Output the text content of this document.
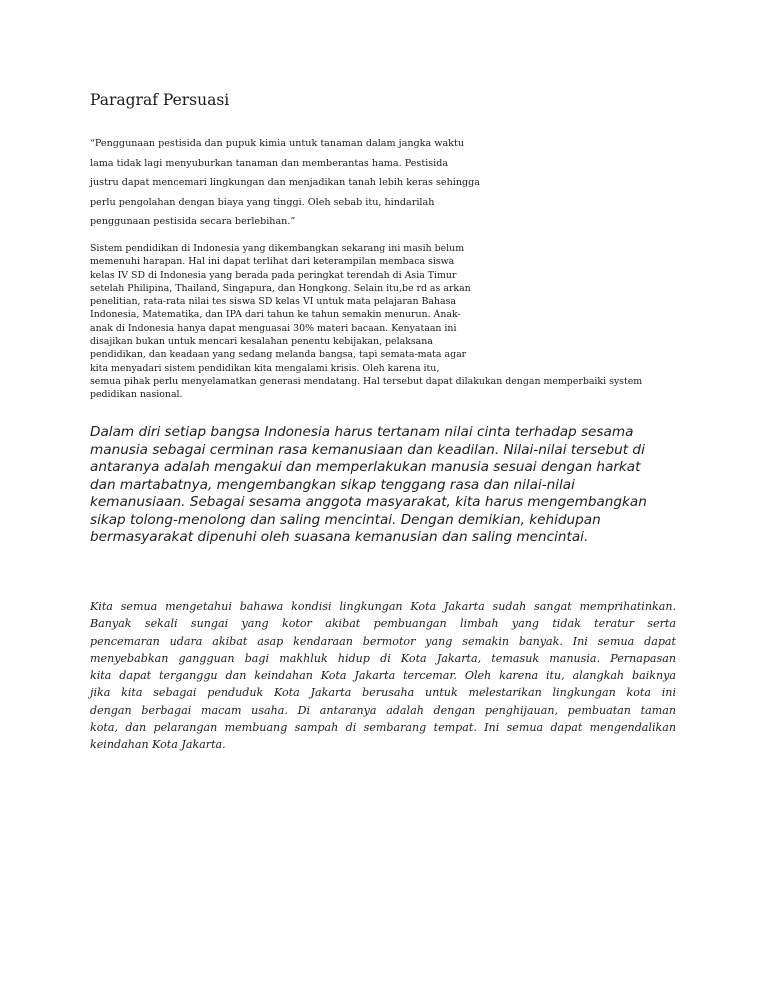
Paragraf Persuasi
“Penggunaan pestisida dan pupuk kimia untuk tanaman dalam jangka waktu
lama tidak lagi menyuburkan tanaman dan memberantas hama. Pestisida
justru dapat mencemari lingkungan dan menjadikan tanah lebih keras sehingga
perlu pengolahan dengan biaya yang tinggi. Oleh sebab itu, hindarilah
penggunaan pestisida secara berlebihan.”
Sistem pendidikan di Indonesia yang dikembangkan sekarang ini masih belum
memenuhi harapan. Hal ini dapat terlihat dari keterampilan membaca siswa
kelas IV SD di Indonesia yang berada pada peringkat terendah di Asia Timur
setelah Philipina, Thailand, Singapura, dan Hongkong. Selain itu,be rd as arkan
penelitian, rata-rata nilai tes siswa SD kelas VI untuk mata pelajaran Bahasa
Indonesia, Matematika, dan IPA dari tahun ke tahun semakin menurun. Anak-
anak di Indonesia hanya dapat menguasai 30% materi bacaan. Kenyataan ini
disajikan bukan untuk mencari kesalahan penentu kebijakan, pelaksana
pendidikan, dan keadaan yang sedang melanda bangsa, tapi semata-mata agar
kita menyadari sistem pendidikan kita mengalami krisis. Oleh karena itu,
semua pihak perlu menyelamatkan generasi mendatang. Hal tersebut dapat dilakukan dengan memperbaiki system
pedidikan nasional.
Dalam diri setiap bangsa Indonesia harus tertanam nilai cinta terhadap sesama
manusia sebagai cerminan rasa kemanusiaan dan keadilan. Nilai-nilai tersebut di
antaranya adalah mengakui dan memperlakukan manusia sesuai dengan harkat
dan martabatnya, mengembangkan sikap tenggang rasa dan nilai-nilai
kemanusiaan. Sebagai sesama anggota masyarakat, kita harus mengembangkan
sikap tolong-menolong dan saling mencintai. Dengan demikian, kehidupan
bermasyarakat dipenuhi oleh suasana kemanusian dan saling mencintai.
Kita semua mengetahui bahawa kondisi lingkungan Kota Jakarta sudah sangat memprihatinkan.
Banyak sekali sungai yang kotor akibat pembuangan limbah yang tidak teratur serta
pencemaran udara akibat asap kendaraan bermotor yang semakin banyak. Ini semua dapat
menyebabkan gangguan bagi makhluk hidup di Kota Jakarta, temasuk manusia. Pernapasan
kita dapat terganggu dan keindahan Kota Jakarta tercemar. Oleh karena itu, alangkah baiknya
jika kita sebagai penduduk Kota Jakarta berusaha untuk melestarikan lingkungan kota ini
dengan berbagai macam usaha. Di antaranya adalah dengan penghijauan, pembuatan taman
kota, dan pelarangan membuang sampah di sembarang tempat. Ini semua dapat mengendalikan
keindahan Kota Jakarta.
